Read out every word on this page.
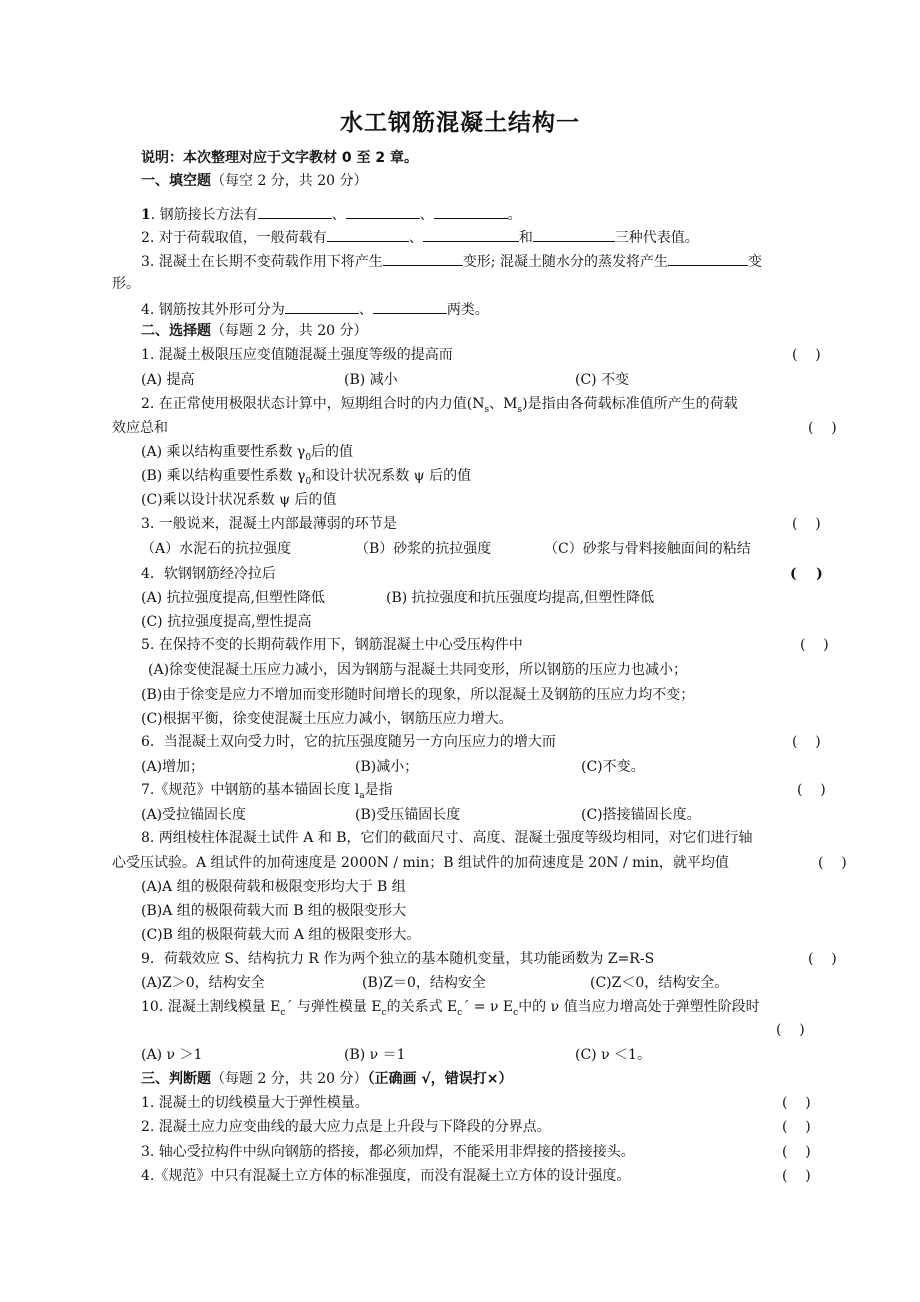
水工钢筋混凝土结构一
说明：本次整理对应于文字教材 0 至 2 章。
一、填空题（每空 2 分，共 20 分）
1. 钢筋接长方法有	、	、	。
2. 对于荷载取值，一般荷载有	、	和	三种代表值。
3. 混凝土在长期不变荷载作用下将产生	变形; 混凝土随水分的蒸发将产生	变
形。
4. 钢筋按其外形可分为	、	两类。
二、选择题（每题 2 分，共 20 分）
1. 混凝土极限压应变值随混凝土强度等级的提高而	(    )
(A) 提高	(B) 减小	(C) 不变
2. 在正常使用极限状态计算中，短期组合时的内力值($N_s$、$M_s$)是指由各荷载标准值所产生的荷载
效应总和	(    )
(A) 乘以结构重要性系数 $\gamma_0$后的值
(B) 乘以结构重要性系数 $\gamma_0$和设计状况系数 ψ 后的值
(C)乘以设计状况系数 ψ 后的值
3. 一般说来，混凝土内部最薄弱的环节是	(    )
（A）水泥石的抗拉强度	（B）砂浆的抗拉强度	（C）砂浆与骨料接触面间的粘结
4．软钢钢筋经冷拉后	(    )
(A) 抗拉强度提高,但塑性降低	(B) 抗拉强度和抗压强度均提高,但塑性降低
(C) 抗拉强度提高,塑性提高
5. 在保持不变的长期荷载作用下，钢筋混凝土中心受压构件中	(    )
(A)徐变使混凝土压应力减小，因为钢筋与混凝土共同变形，所以钢筋的压应力也减小；
(B)由于徐变是应力不增加而变形随时间增长的现象，所以混凝土及钢筋的压应力均不变；
(C)根据平衡，徐变使混凝土压应力减小，钢筋压应力增大。
6．当混凝土双向受力时，它的抗压强度随另一方向压应力的增大而	(    )
(A)增加；	(B)减小；	(C)不变。
7.《规范》中钢筋的基本锚固长度 $l_a$是指	(    )
(A)受拉锚固长度	(B)受压锚固长度	(C)搭接锚固长度。
8. 两组棱柱体混凝土试件 A 和 B，它们的截面尺寸、高度、混凝土强度等级均相同，对它们进行轴
心受压试验。A 组试件的加荷速度是 2000N / min；B 组试件的加荷速度是 20N / min，就平均值	(    )
(A)A 组的极限荷载和极限变形均大于 B 组
(B)A 组的极限荷载大而 B 组的极限变形大
(C)B 组的极限荷载大而 A 组的极限变形大。
9．荷载效应 S、结构抗力 R 作为两个独立的基本随机变量，其功能函数为 Z=R-S	(    )
(A)Z＞0，结构安全	(B)Z＝0，结构安全	(C)Z＜0，结构安全。
10. 混凝土割线模量 $E_c´$ 与弹性模量 $E_c$的关系式 $E_c´ = \nu$ $E_c$中的 ν 值当应力增高处于弹塑性阶段时
(    )
(A) ν ＞1	(B) ν ＝1	(C) ν ＜1。
三、判断题（每题 2 分，共 20 分）（正确画 √，错误打×）
1. 混凝土的切线模量大于弹性模量。	(    )
2. 混凝土应力应变曲线的最大应力点是上升段与下降段的分界点。	(    )
3. 轴心受拉构件中纵向钢筋的搭接，都必须加焊，不能采用非焊接的搭接接头。	(    )
4.《规范》中只有混凝土立方体的标准强度，而没有混凝土立方体的设计强度。	(    )
